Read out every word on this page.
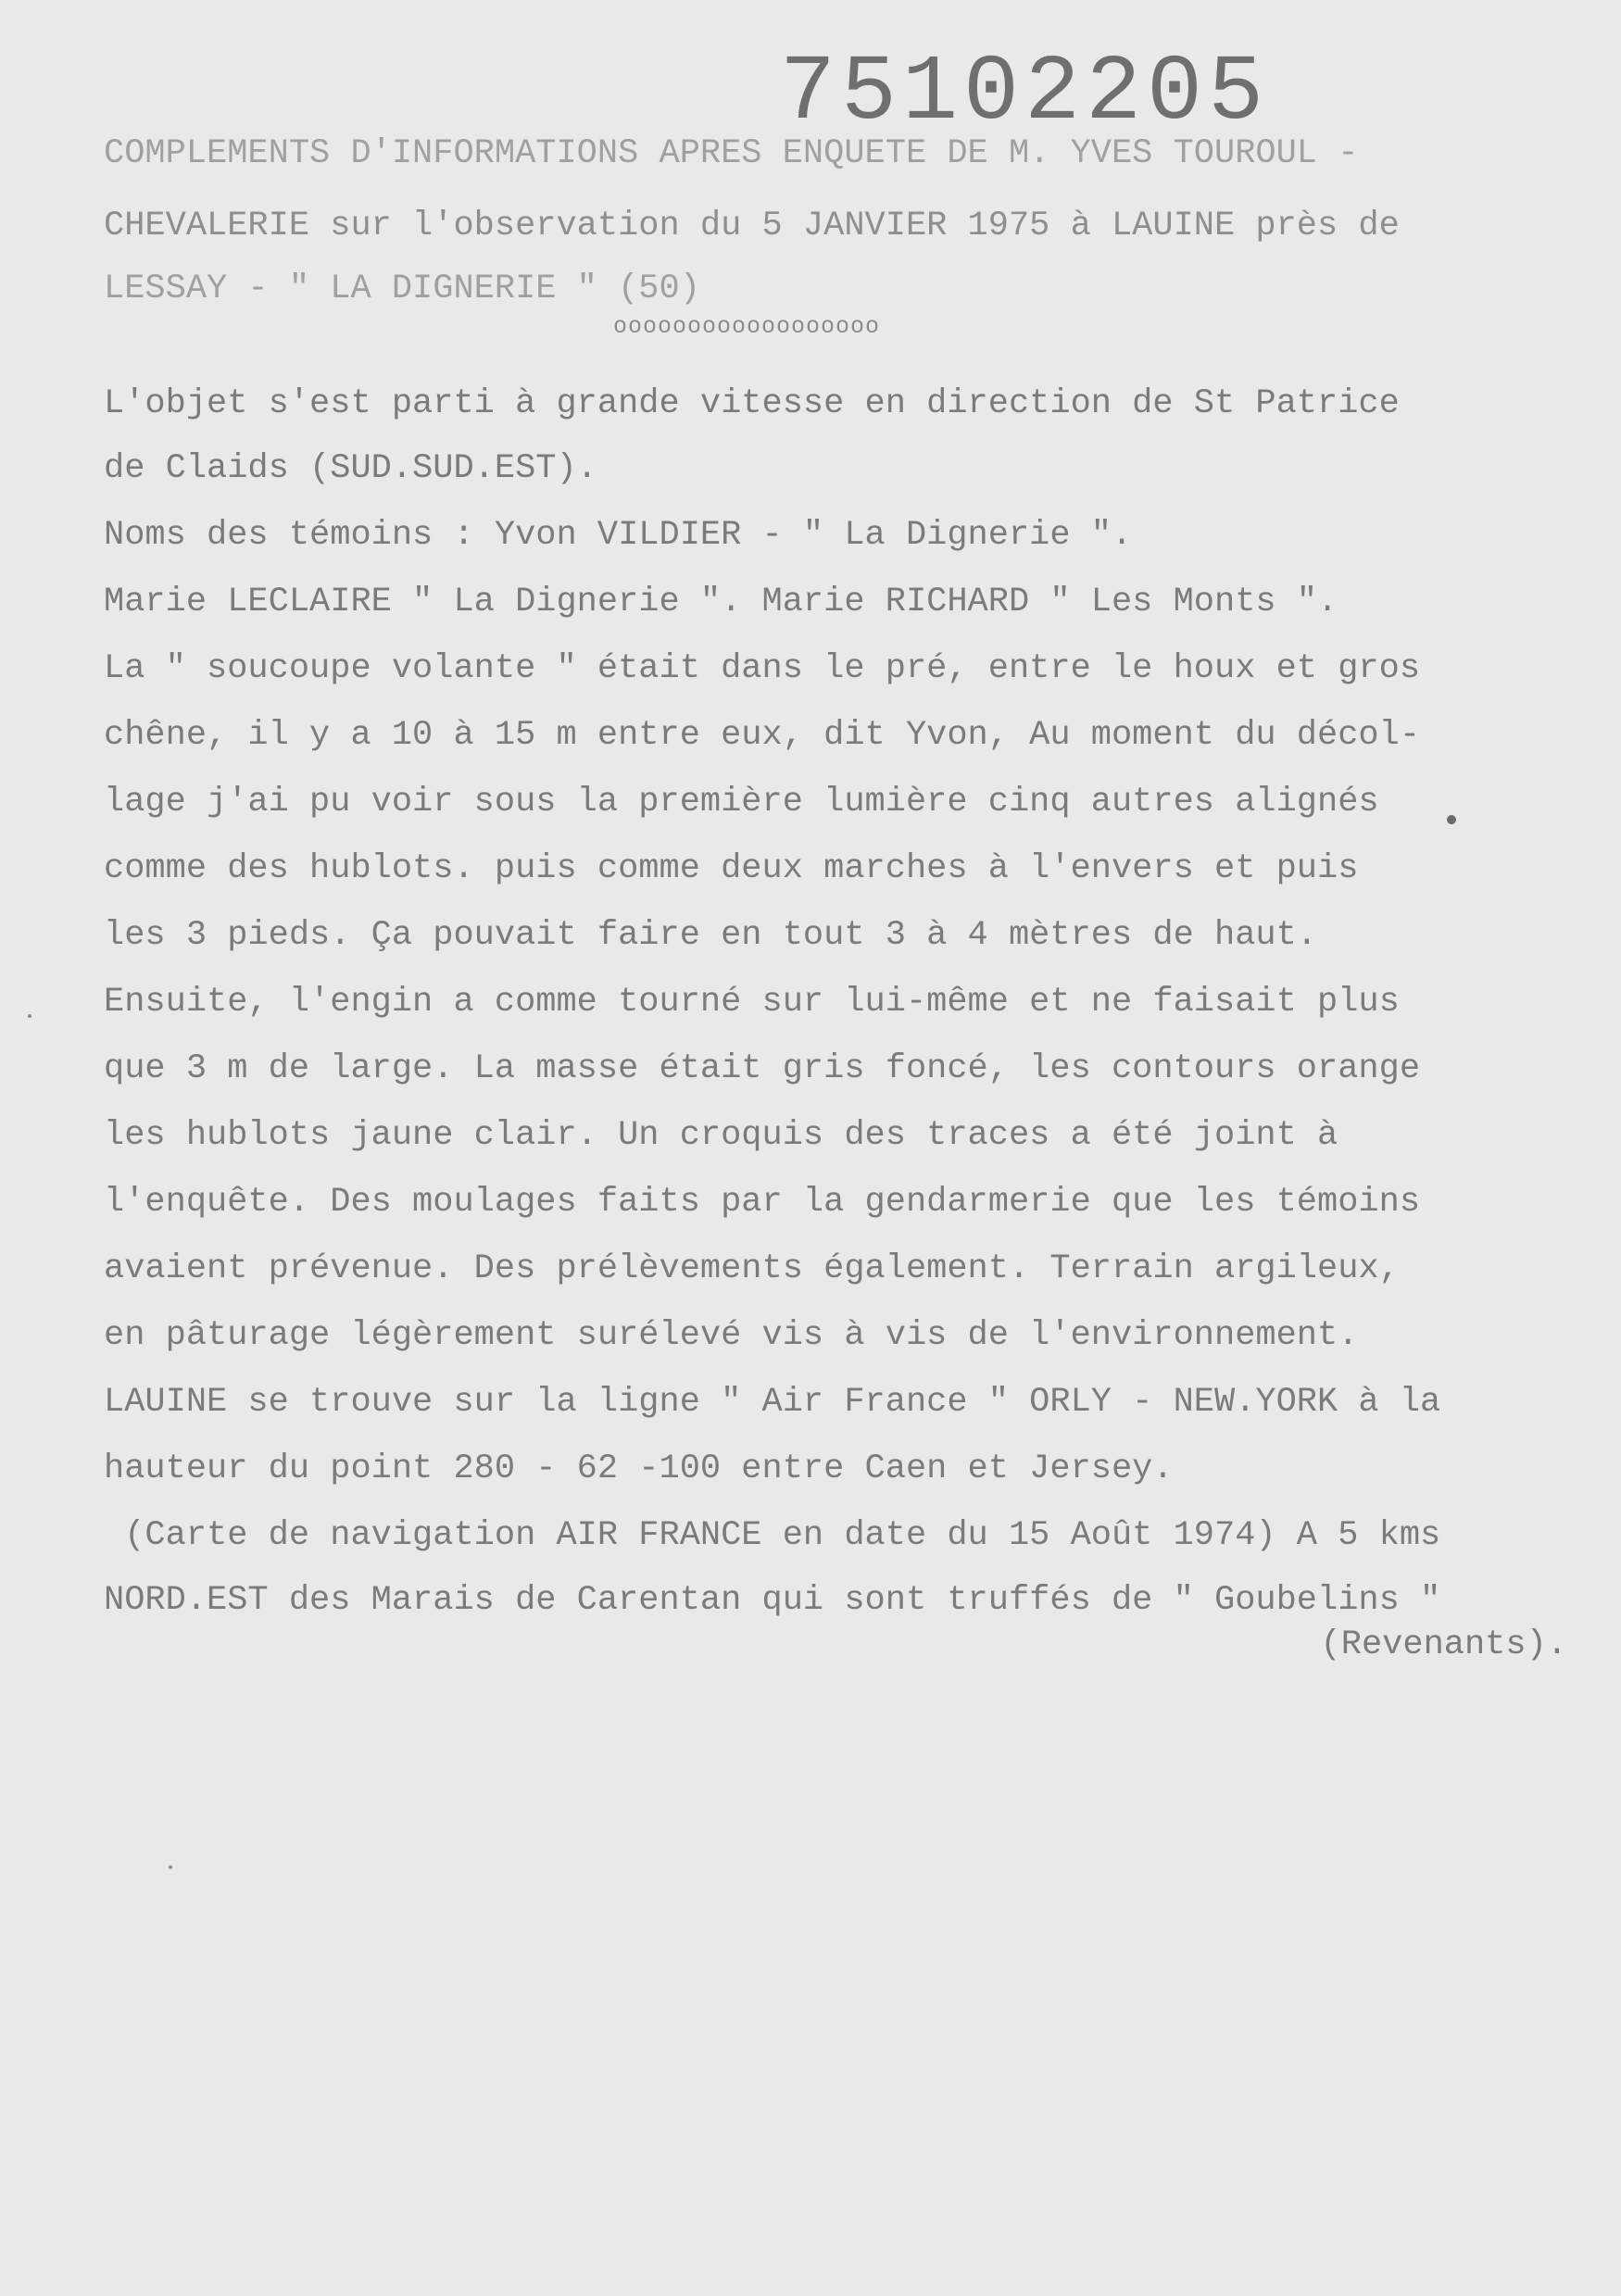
75102205
COMPLEMENTS D'INFORMATIONS APRES ENQUETE DE M. YVES TOUROUL -
CHEVALERIE sur l'observation du 5 JANVIER 1975 à LAUINE près de
LESSAY - " LA DIGNERIE " (50)
oooooooooooooooooo
L'objet s'est parti à grande vitesse en direction de St Patrice
de Claids (SUD.SUD.EST).
Noms des témoins : Yvon VILDIER - " La Dignerie ".
Marie LECLAIRE " La Dignerie ". Marie RICHARD " Les Monts ".
La " soucoupe volante " était dans le pré, entre le houx et gros
chêne, il y a 10 à 15 m entre eux, dit Yvon, Au moment du décol-
lage j'ai pu voir sous la première lumière cinq autres alignés
comme des hublots. puis comme deux marches à l'envers et puis
les 3 pieds. Ça pouvait faire en tout 3 à 4 mètres de haut.
Ensuite, l'engin a comme tourné sur lui-même et ne faisait plus
que 3 m de large. La masse était gris foncé, les contours orange
les hublots jaune clair. Un croquis des traces a été joint à
l'enquête. Des moulages faits par la gendarmerie que les témoins
avaient prévenue. Des prélèvements également. Terrain argileux,
en pâturage légèrement surélevé vis à vis de l'environnement.
LAUINE se trouve sur la ligne " Air France " ORLY - NEW.YORK à la
hauteur du point 280 - 62 -100 entre Caen et Jersey.
(Carte de navigation AIR FRANCE en date du 15 Août 1974) A 5 kms
NORD.EST des Marais de Carentan qui sont truffés de " Goubelins "
(Revenants).
